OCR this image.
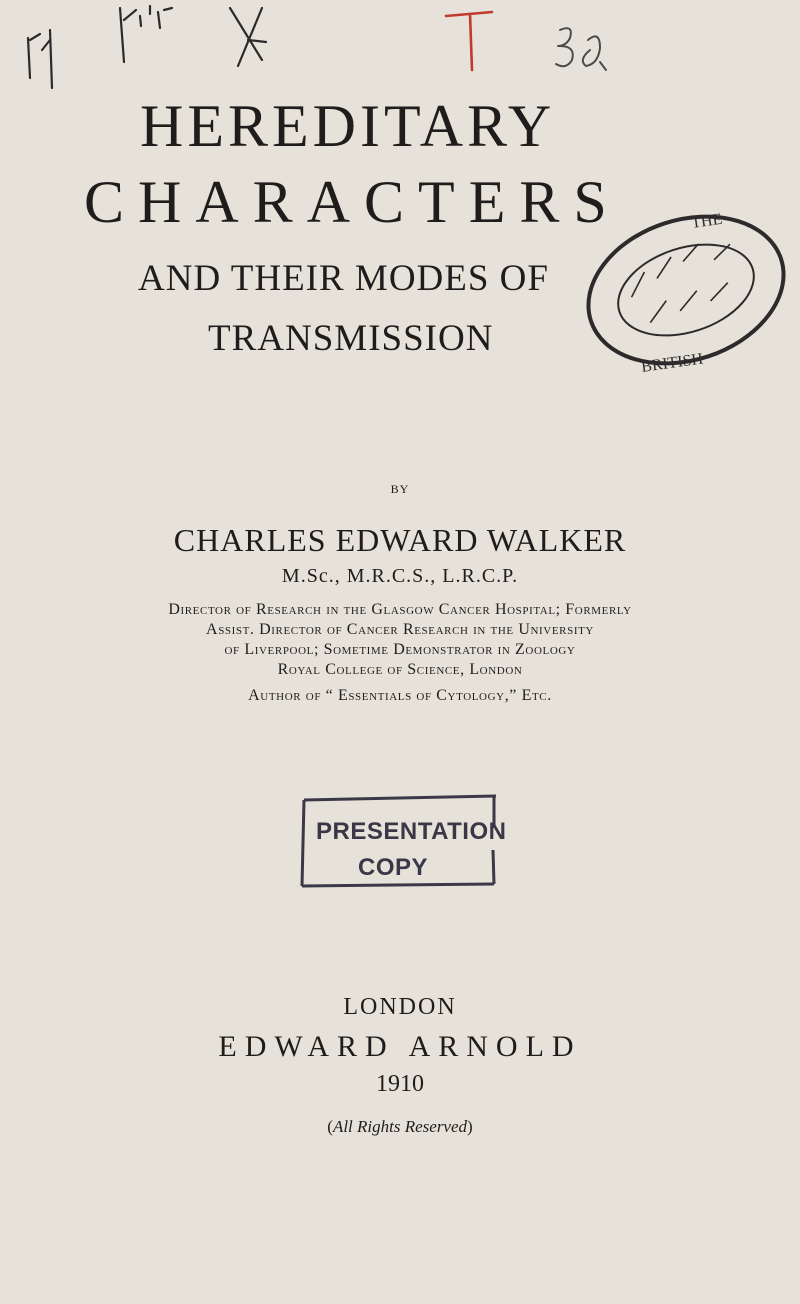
HEREDITARY
CHARACTERS
AND THEIR MODES OF
TRANSMISSION
THE
BRITISH
BY
CHARLES EDWARD WALKER
M.Sc., M.R.C.S., L.R.C.P.
Director of Research in the Glasgow Cancer Hospital; Formerly
Assist. Director of Cancer Research in the University
of Liverpool; Sometime Demonstrator in Zoology
Royal College of Science, London
Author of “ Essentials of Cytology,” Etc.
PRESENTATION
COPY
LONDON
EDWARD ARNOLD
1910
(All Rights Reserved)
